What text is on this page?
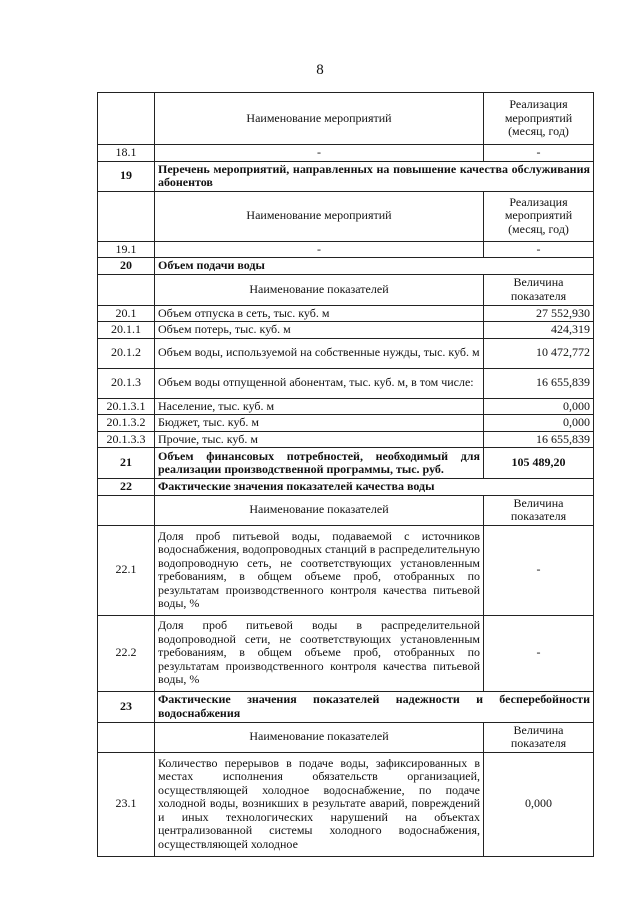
8
	Наименование мероприятий	Реализация мероприятий (месяц, год)
18.1	-	-
19	Перечень мероприятий, направленных на повышение качества обслуживания абонентов	
	Наименование мероприятий	Реализация мероприятий (месяц, год)
19.1	-	-
20	Объем подачи воды	
	Наименование показателей	Величина показателя
20.1	Объем отпуска в сеть, тыс. куб. м	27 552,930
20.1.1	Объем потерь, тыс. куб. м	424,319
20.1.2	Объем воды, используемой на собственные нужды, тыс. куб. м	10 472,772
20.1.3	Объем воды отпущенной абонентам, тыс. куб. м, в том числе:	16 655,839
20.1.3.1	Население, тыс. куб. м	0,000
20.1.3.2	Бюджет, тыс. куб. м	0,000
20.1.3.3	Прочие, тыс. куб. м	16 655,839
21	Объем финансовых потребностей, необходимый для реализации производственной программы, тыс. руб.	105 489,20
22	Фактические значения показателей качества воды	
	Наименование показателей	Величина показателя
22.1	Доля проб питьевой воды, подаваемой с источников водоснабжения, водопроводных станций в распределительную водопроводную сеть, не соответствующих установленным требованиям, в общем объеме проб, отобранных по результатам производственного контроля качества питьевой воды, %	-
22.2	Доля проб питьевой воды в распределительной водопроводной сети, не соответствующих установленным требованиям, в общем объеме проб, отобранных по результатам производственного контроля качества питьевой воды, %	-
23	Фактические значения показателей надежности и бесперебойности водоснабжения	
	Наименование показателей	Величина показателя
23.1	Количество перерывов в подаче воды, зафиксированных в местах исполнения обязательств организацией, осуществляющей холодное водоснабжение, по подаче холодной воды, возникших в результате аварий, повреждений и иных технологических нарушений на объектах централизованной системы холодного водоснабжения, осуществляющей холодное	0,000
